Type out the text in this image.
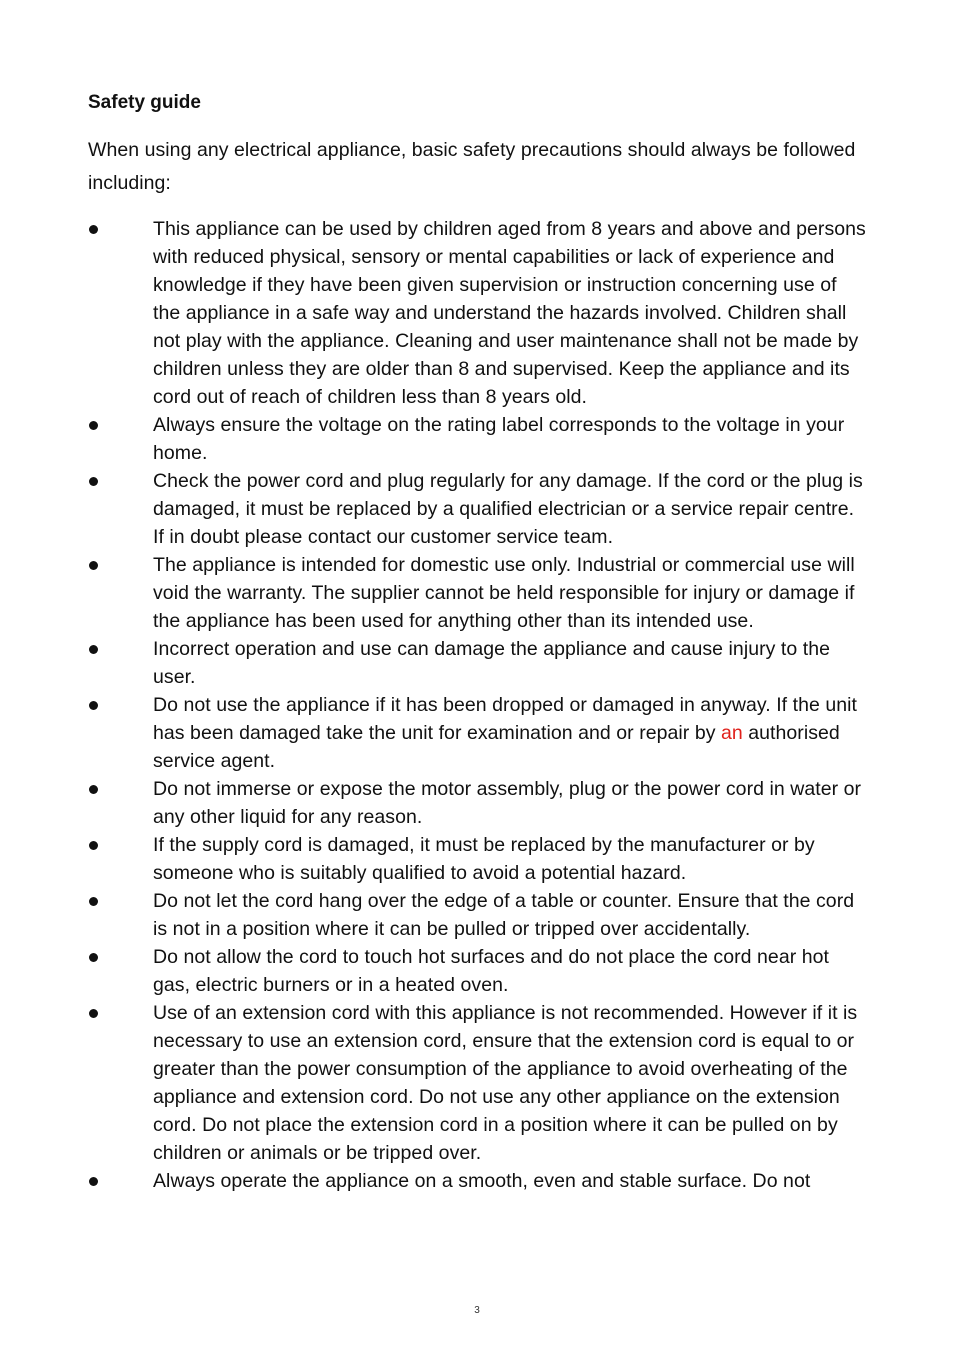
Safety guide

When using any electrical appliance, basic safety precautions should always be followed including:

This appliance can be used by children aged from 8 years and above and persons with reduced physical, sensory or mental capabilities or lack of experience and knowledge if they have been given supervision or instruction concerning use of the appliance in a safe way and understand the hazards involved. Children shall not play with the appliance. Cleaning and user maintenance shall not be made by children unless they are older than 8 and supervised. Keep the appliance and its cord out of reach of children less than 8 years old.
Always ensure the voltage on the rating label corresponds to the voltage in your home.
Check the power cord and plug regularly for any damage. If the cord or the plug is damaged, it must be replaced by a qualified electrician or a service repair centre. If in doubt please contact our customer service team.
The appliance is intended for domestic use only. Industrial or commercial use will void the warranty. The supplier cannot be held responsible for injury or damage if the appliance has been used for anything other than its intended use.
Incorrect operation and use can damage the appliance and cause injury to the user.
Do not use the appliance if it has been dropped or damaged in anyway. If the unit has been damaged take the unit for examination and or repair by an authorised service agent.
Do not immerse or expose the motor assembly, plug or the power cord in water or any other liquid for any reason.
If the supply cord is damaged, it must be replaced by the manufacturer or by someone who is suitably qualified to avoid a potential hazard.
Do not let the cord hang over the edge of a table or counter. Ensure that the cord is not in a position where it can be pulled or tripped over accidentally.
Do not allow the cord to touch hot surfaces and do not place the cord near hot gas, electric burners or in a heated oven.
Use of an extension cord with this appliance is not recommended. However if it is necessary to use an extension cord, ensure that the extension cord is equal to or greater than the power consumption of the appliance to avoid overheating of the appliance and extension cord. Do not use any other appliance on the extension cord. Do not place the extension cord in a position where it can be pulled on by children or animals or be tripped over.
Always operate the appliance on a smooth, even and stable surface. Do not
3
